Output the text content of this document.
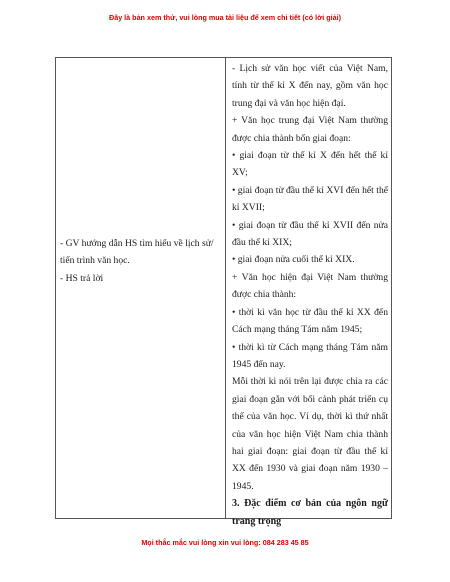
Đây là bản xem thử, vui lòng mua tài liệu để xem chi tiết (có lời giải)
- GV hướng dẫn HS tìm hiểu về lịch sử/
tiến trình văn học.
- HS trả lời

- Lịch sử văn học viết của Việt Nam, tính từ thế kỉ X đến nay, gồm văn học trung đại và văn học hiện đại.

+ Văn học trung đại Việt Nam thường được chia thành bốn giai đoạn:

• giai đoạn từ thế kỉ X đến hết thế kỉ XV;

• giai đoạn từ đầu thế kỉ XVI đến hết thế kỉ XVII;

• giai đoạn từ đầu thế kỉ XVII đến nửa đầu thế kỉ XIX;

• giai đoạn nửa cuối thế kỉ XIX.

+ Văn học hiện đại Việt Nam thường được chia thành:

• thời kì văn học từ đầu thế kỉ XX đến Cách mạng tháng Tám năm 1945;

• thời kì từ Cách mạng tháng Tám năm 1945 đến nay.

Mỗi thời kì nói trên lại được chia ra các giai đoạn gắn với bối cảnh phát triển cụ thể của văn học. Ví dụ, thời kì thứ nhất của văn học hiện Việt Nam chia thành hai giai đoạn: giai đoạn từ đầu thế kỉ XX đến 1930 và giai đoạn năm 1930 – 1945.

3. Đặc điểm cơ bản của ngôn ngữ trang trọng

Mọi thắc mắc vui lòng xin vui lòng: 084 283 45 85
